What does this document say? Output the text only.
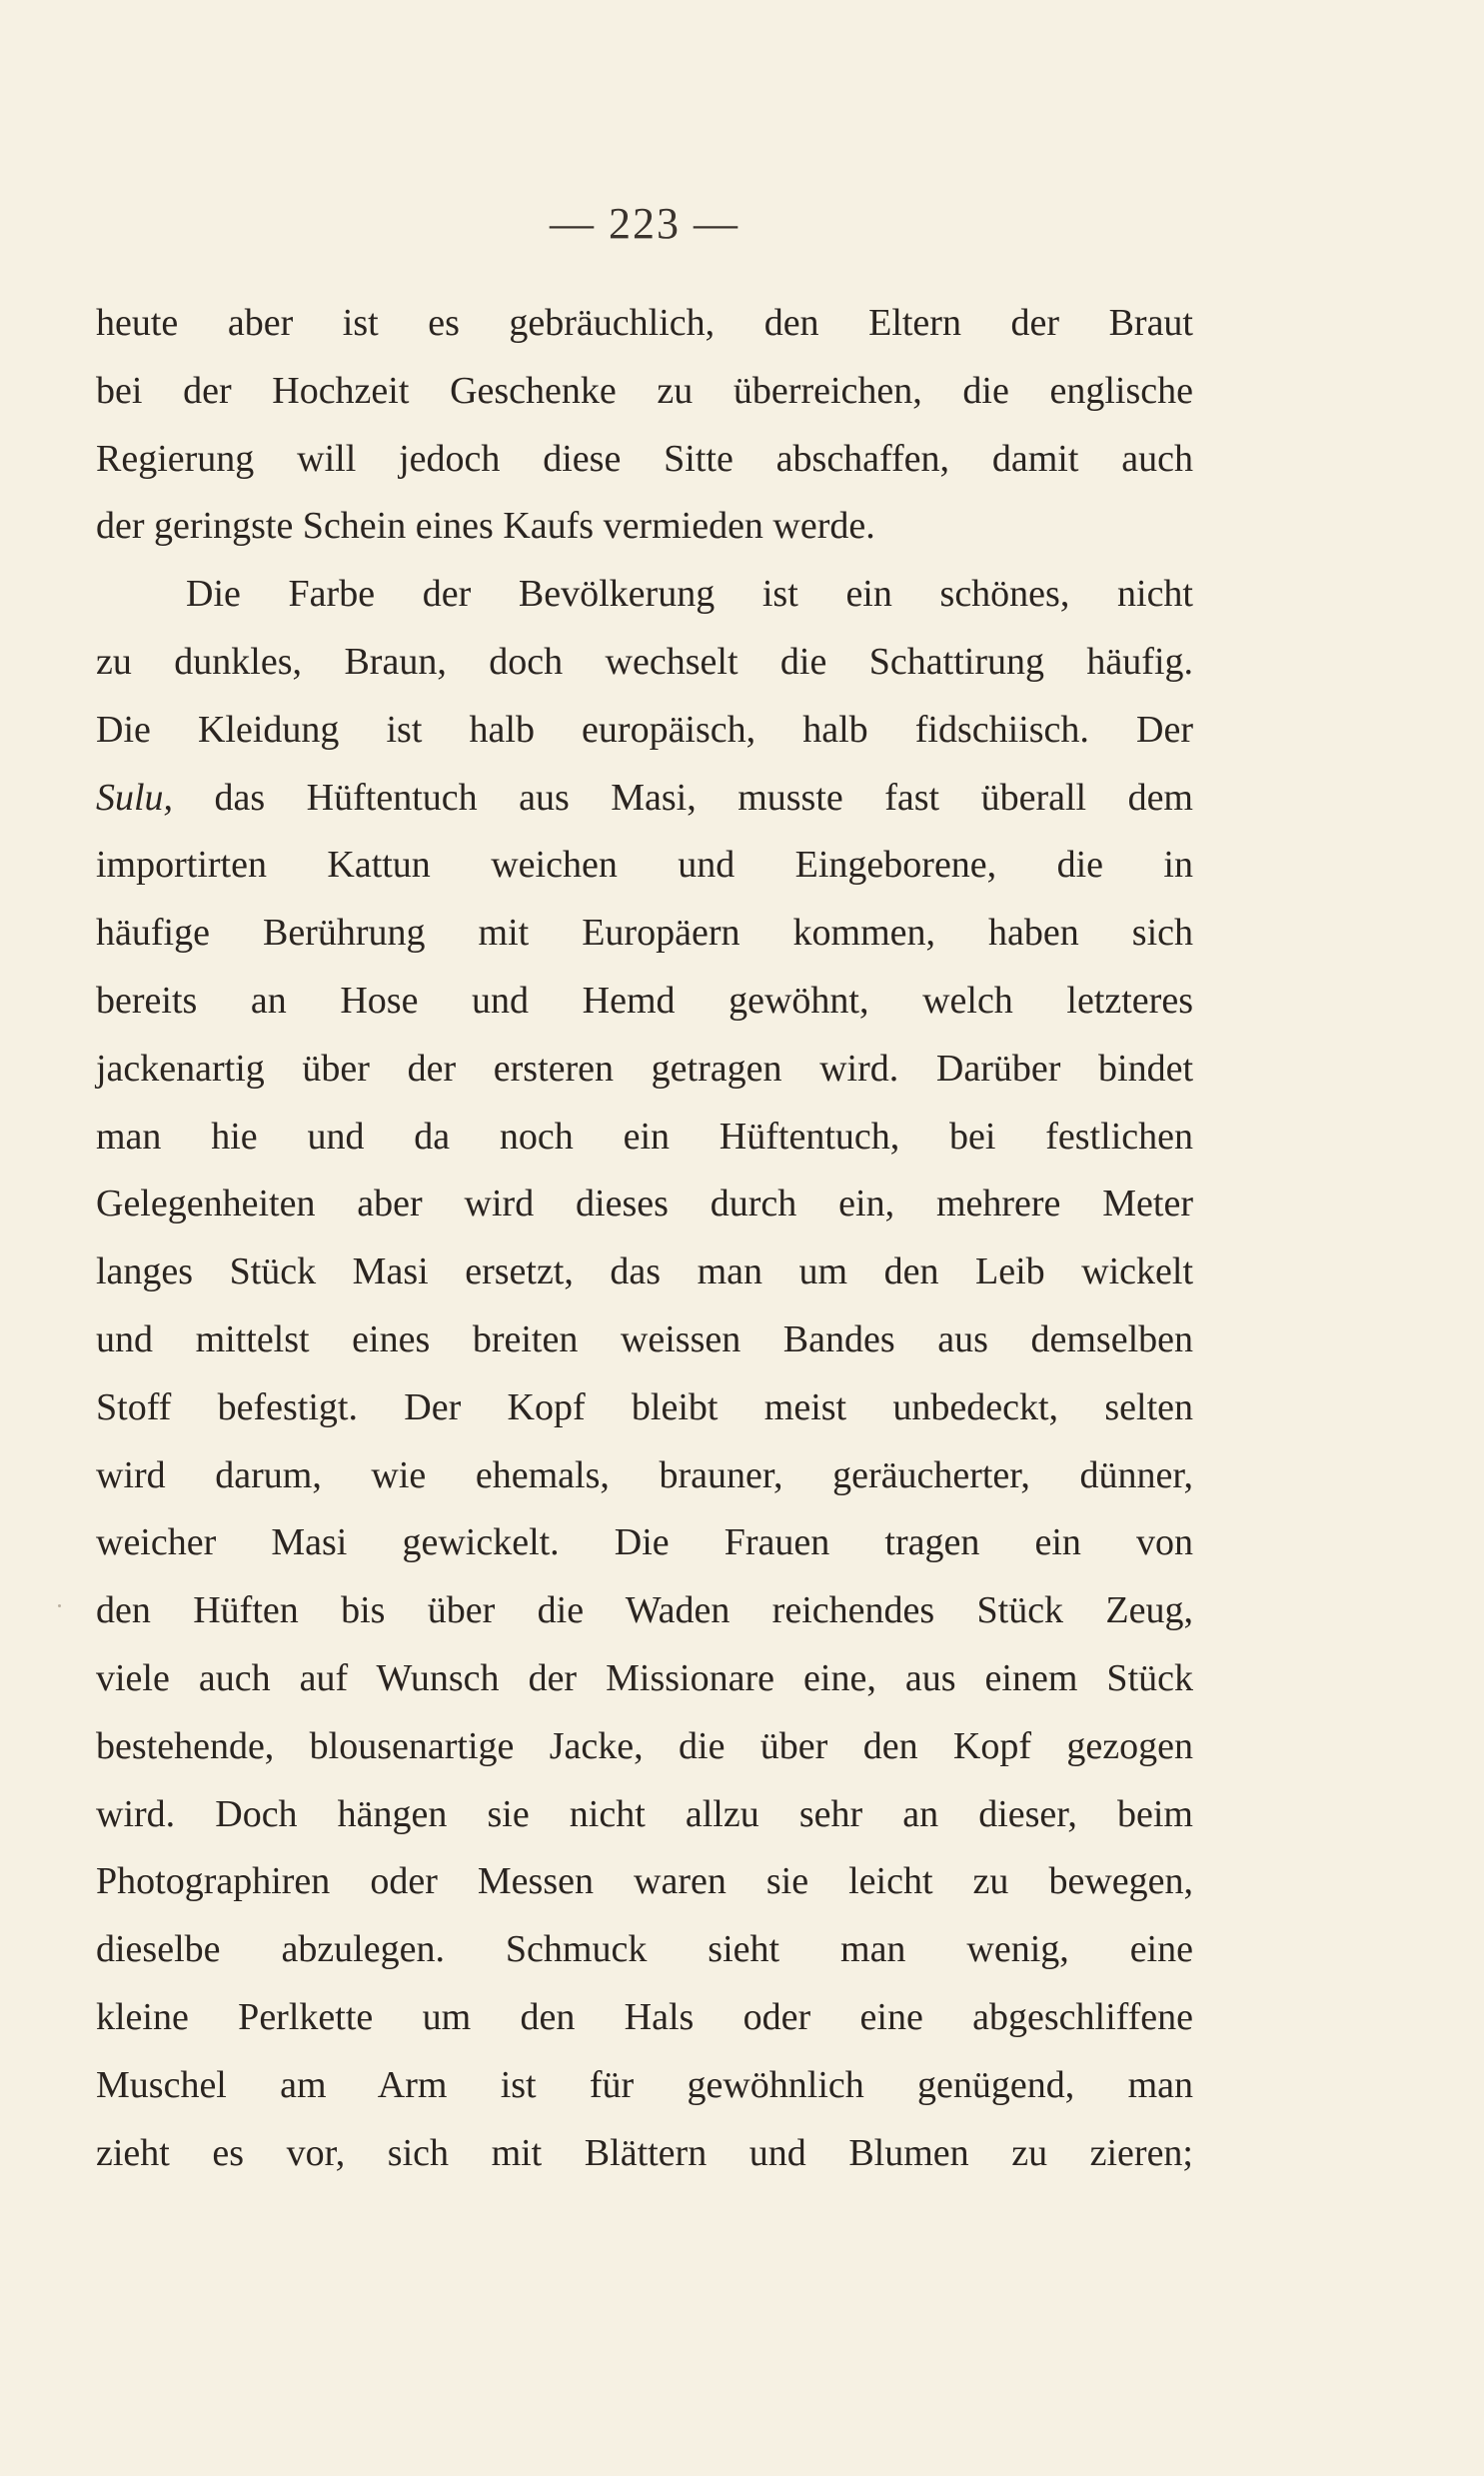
— 223 —
heute aber ist es gebräuchlich, den Eltern der Braut
bei der Hochzeit Geschenke zu überreichen, die englische
Regierung will jedoch diese Sitte abschaffen, damit auch
der geringste Schein eines Kaufs vermieden werde.
Die Farbe der Bevölkerung ist ein schönes, nicht
zu dunkles, Braun, doch wechselt die Schattirung häufig.
Die Kleidung ist halb europäisch, halb fidschiisch. Der
Sulu, das Hüftentuch aus Masi, musste fast überall dem
importirten Kattun weichen und Eingeborene, die in
häufige Berührung mit Europäern kommen, haben sich
bereits an Hose und Hemd gewöhnt, welch letzteres
jackenartig über der ersteren getragen wird. Darüber bindet
man hie und da noch ein Hüftentuch, bei festlichen
Gelegenheiten aber wird dieses durch ein, mehrere Meter
langes Stück Masi ersetzt, das man um den Leib wickelt
und mittelst eines breiten weissen Bandes aus demselben
Stoff befestigt. Der Kopf bleibt meist unbedeckt, selten
wird darum, wie ehemals, brauner, geräucherter, dünner,
weicher Masi gewickelt. Die Frauen tragen ein von
den Hüften bis über die Waden reichendes Stück Zeug,
viele auch auf Wunsch der Missionare eine, aus einem Stück
bestehende, blousenartige Jacke, die über den Kopf gezogen
wird. Doch hängen sie nicht allzu sehr an dieser, beim
Photographiren oder Messen waren sie leicht zu bewegen,
dieselbe abzulegen. Schmuck sieht man wenig, eine
kleine Perlkette um den Hals oder eine abgeschliffene
Muschel am Arm ist für gewöhnlich genügend, man
zieht es vor, sich mit Blättern und Blumen zu zieren;
